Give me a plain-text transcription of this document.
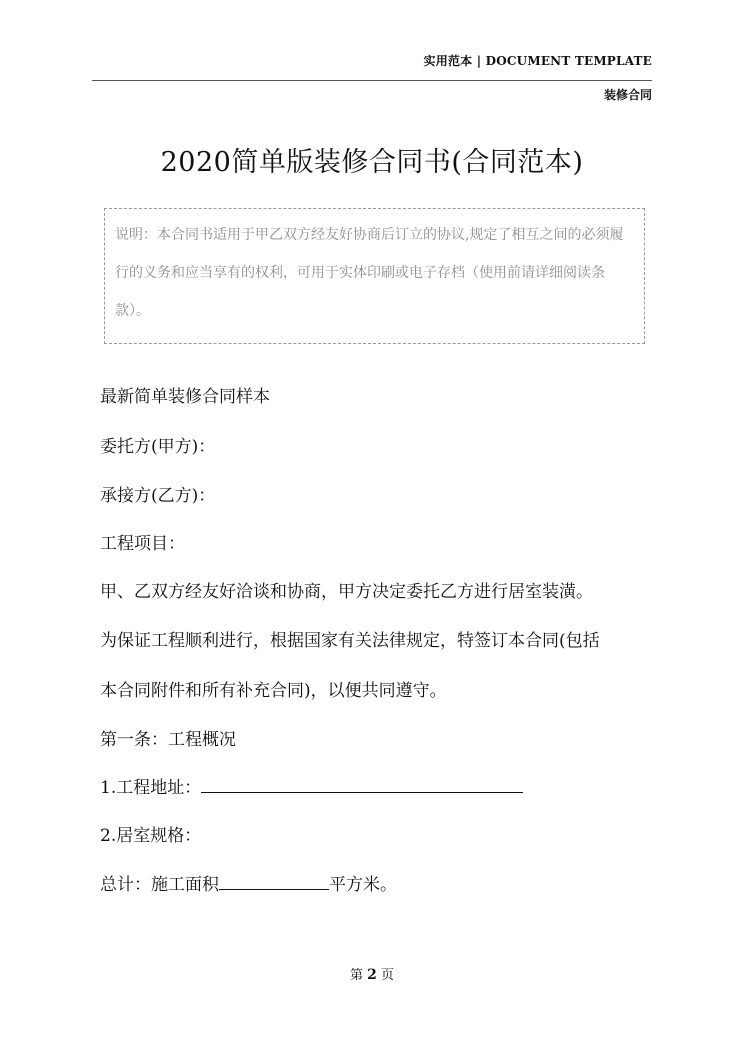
实用范本 | DOCUMENT TEMPLATE
装修合同
2020简单版装修合同书(合同范本)
说明：本合同书适用于甲乙双方经友好协商后订立的协议,规定了相互之间的必须履行的义务和应当享有的权利，可用于实体印刷或电子存档（使用前请详细阅读条款）。
最新简单装修合同样本
委托方(甲方)：
承接方(乙方)：
工程项目：
甲、乙双方经友好洽谈和协商，甲方决定委托乙方进行居室装潢。
为保证工程顺利进行，根据国家有关法律规定，特签订本合同(包括
本合同附件和所有补充合同)，以便共同遵守。
第一条：工程概况
1.工程地址：
2.居室规格：
总计：施工面积	平方米。
第 2 页
